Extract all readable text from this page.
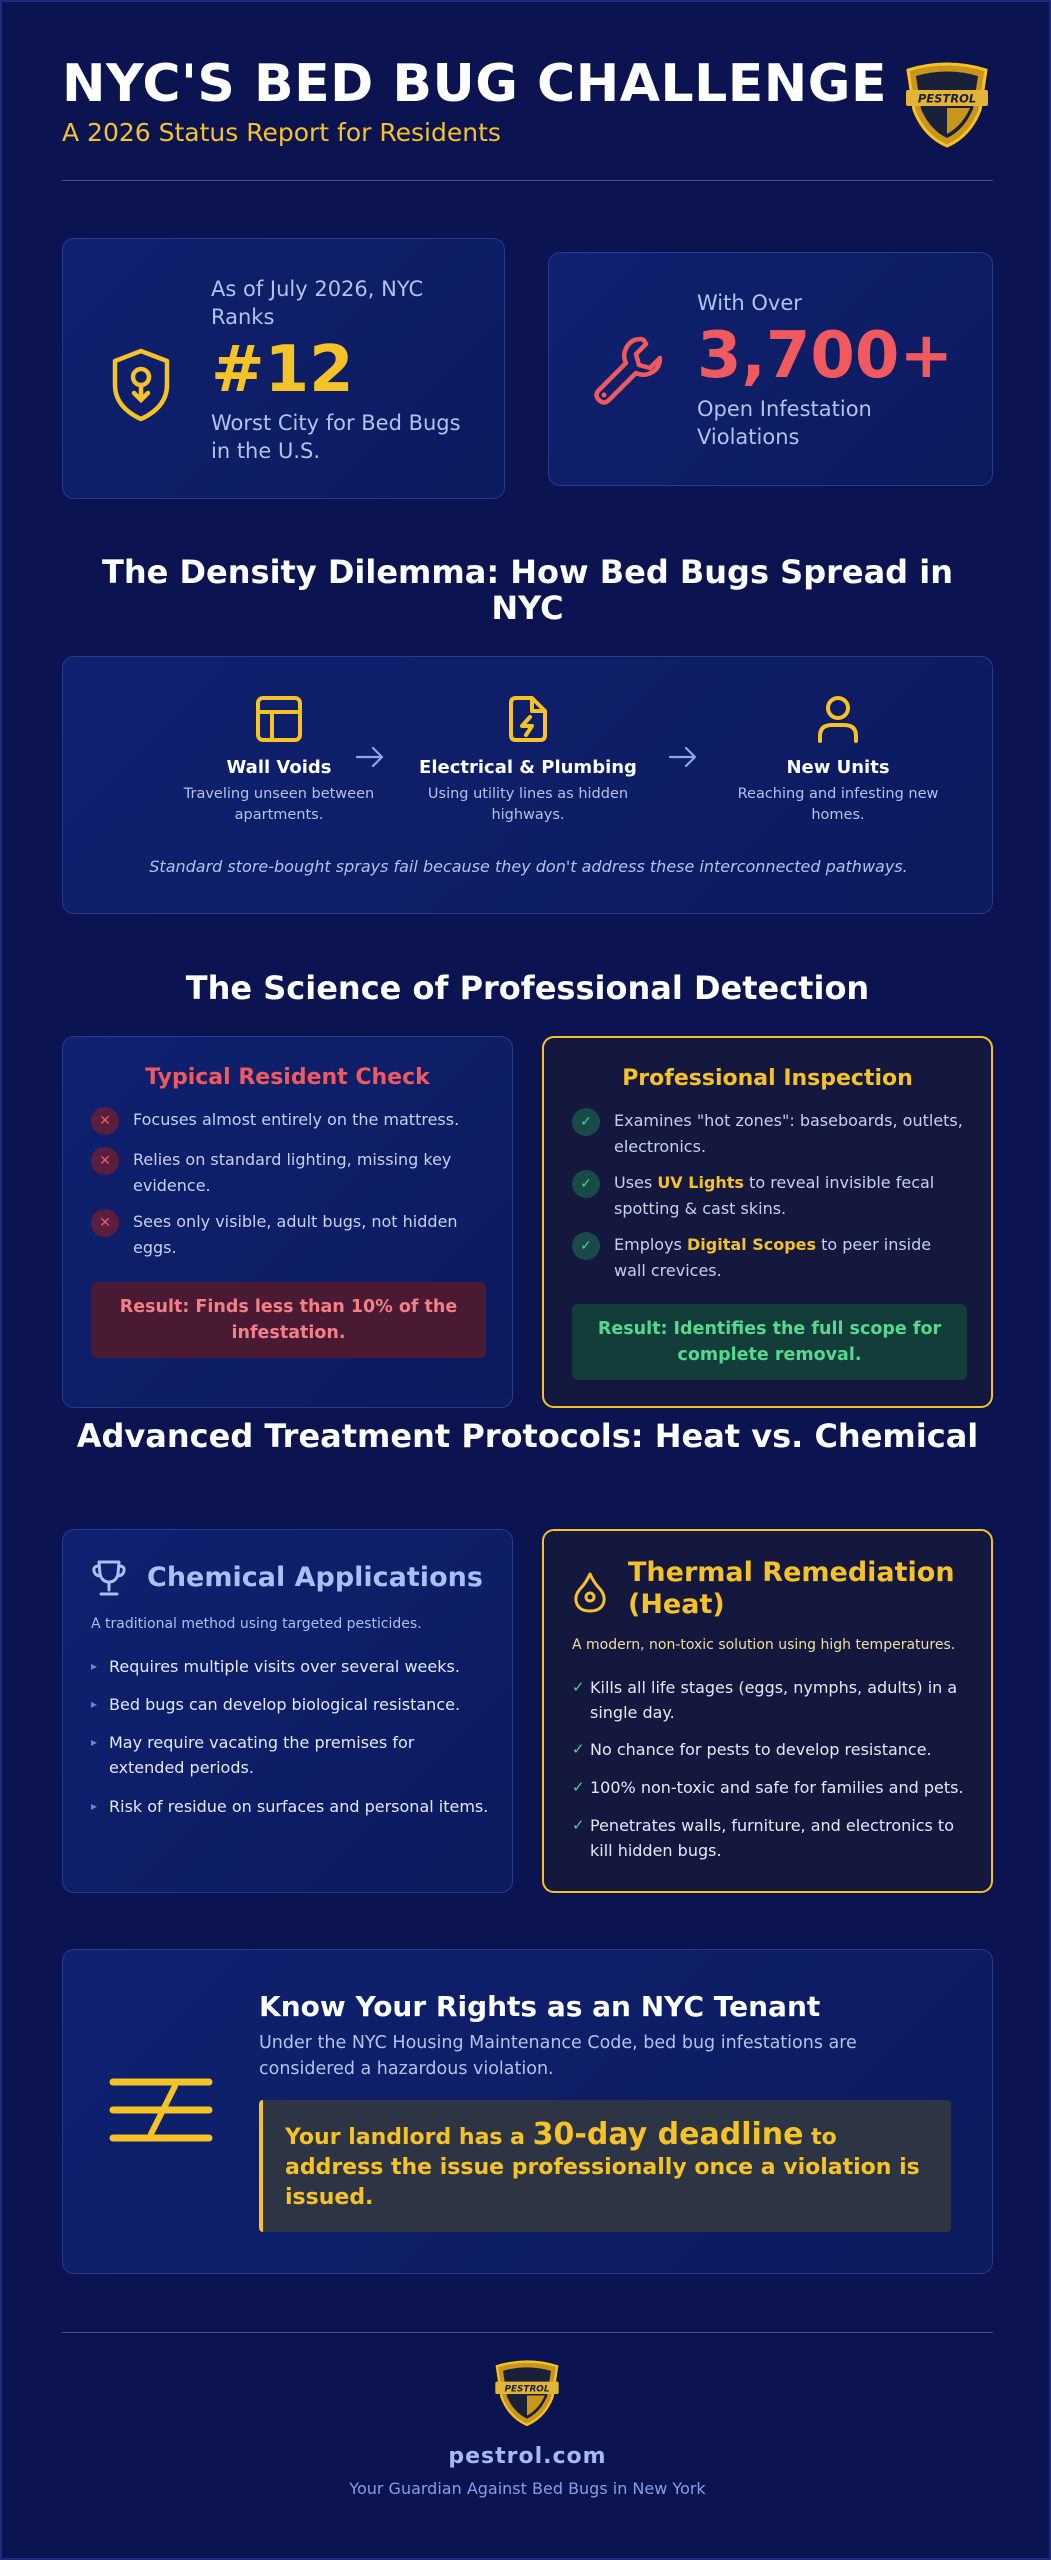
NYC'S BED BUG CHALLENGE
A 2026 Status Report for Residents
PESTROL
As of July 2026, NYC Ranks
#12
Worst City for Bed Bugs in the U.S.
With Over
3,700+
Open Infestation Violations
The Density Dilemma: How Bed Bugs Spread in NYC
Wall Voids
Traveling unseen between apartments.
Electrical & Plumbing
Using utility lines as hidden highways.
New Units
Reaching and infesting new homes.
Standard store-bought sprays fail because they don't address these interconnected pathways.
The Science of Professional Detection
Typical Resident Check
✕	Focuses almost entirely on the mattress.
✕	Relies on standard lighting, missing key evidence.
✕	Sees only visible, adult bugs, not hidden eggs.
Result: Finds less than 10% of the infestation.
Professional Inspection
✓	Examines "hot zones": baseboards, outlets, electronics.
✓	Uses UV Lights to reveal invisible fecal spotting & cast skins.
✓	Employs Digital Scopes to peer inside wall crevices.
Result: Identifies the full scope for complete removal.
Advanced Treatment Protocols: Heat vs. Chemical
Chemical Applications
A traditional method using targeted pesticides.
▸ Requires multiple visits over several weeks.
▸ Bed bugs can develop biological resistance.
▸ May require vacating the premises for extended periods.
▸ Risk of residue on surfaces and personal items.
Thermal Remediation (Heat)
A modern, non-toxic solution using high temperatures.
✓ Kills all life stages (eggs, nymphs, adults) in a single day.
✓ No chance for pests to develop resistance.
✓ 100% non-toxic and safe for families and pets.
✓ Penetrates walls, furniture, and electronics to kill hidden bugs.
Know Your Rights as an NYC Tenant
Under the NYC Housing Maintenance Code, bed bug infestations are considered a hazardous violation.
Your landlord has a 30-day deadline to address the issue professionally once a violation is issued.
PESTROL
pestrol.com
Your Guardian Against Bed Bugs in New York
